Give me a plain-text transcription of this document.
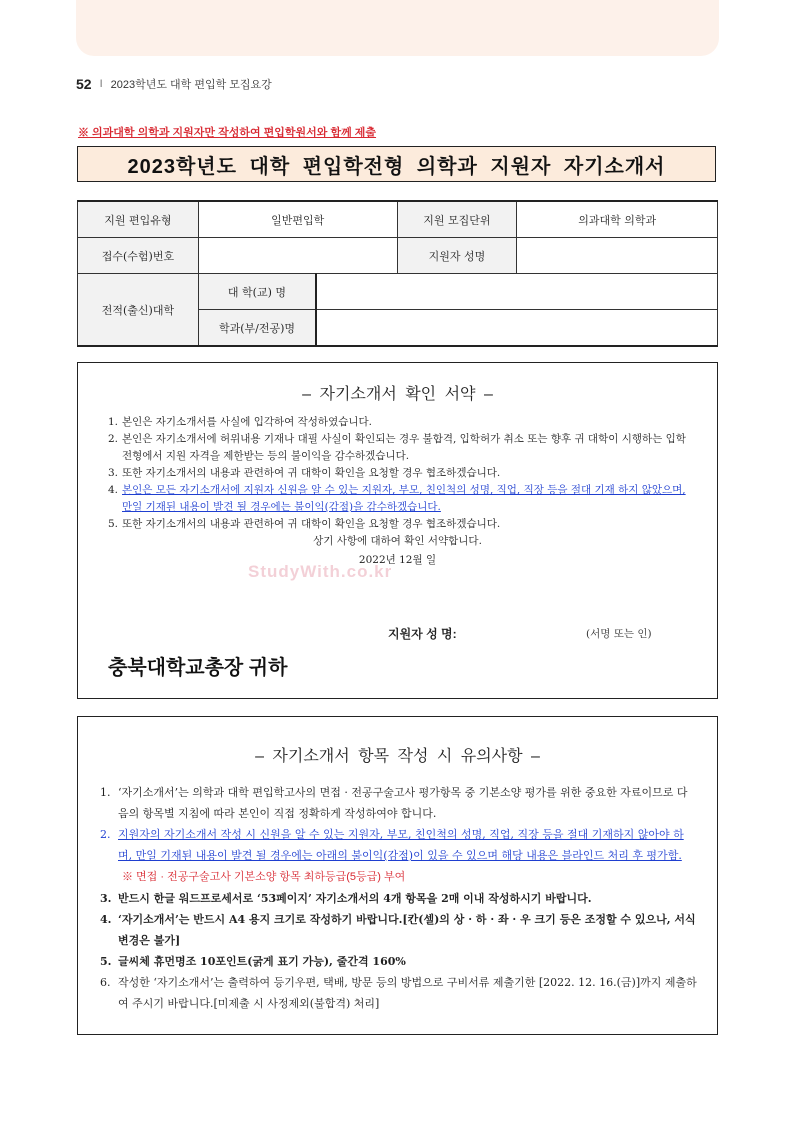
52 I 2023학년도 대학 편입학 모집요강
※ 의과대학 의학과 지원자만 작성하여 편입학원서와 함께 제출
2023학년도 대학 편입학전형 의학과 지원자 자기소개서
지원 편입유형	일반편입학		지원 모집단위	의과대학 의학과
접수(수험)번호			지원자 성명	
전적(출신)대학	대 학(교) 명			
	학과(부/전공)명			
– 자기소개서 확인 서약 –
1. 본인은 자기소개서를 사실에 입각하여 작성하였습니다.
2. 본인은 자기소개서에 허위내용 기재나 대필 사실이 확인되는 경우 불합격, 입학허가 취소 또는 향후 귀 대학이 시행하는 입학전형에서 지원 자격을 제한받는 등의 불이익을 감수하겠습니다.
3. 또한 자기소개서의 내용과 관련하여 귀 대학이 확인을 요청할 경우 협조하겠습니다.
4. 본인은 모든 자기소개서에 지원자 신원을 알 수 있는 지원자, 부모, 친인척의 성명, 직업, 직장 등을 절대 기재 하지 않았으며, 만일 기재된 내용이 발견 될 경우에는 불이익(감점)을 감수하겠습니다.
5. 또한 자기소개서의 내용과 관련하여 귀 대학이 확인을 요청할 경우 협조하겠습니다.
상기 사항에 대하여 확인 서약합니다.
2022년 12월 일
지원자 성 명:	(서명 또는 인)
충북대학교총장 귀하
StudyWith.co.kr
– 자기소개서 항목 작성 시 유의사항 –
1. ‘자기소개서’는 의학과 대학 편입학고사의 면접 · 전공구술고사 평가항목 중 기본소양 평가를 위한 중요한 자료이므로 다음의 항목별 지침에 따라 본인이 직접 정확하게 작성하여야 합니다.
2. 지원자의 자기소개서 작성 시 신원을 알 수 있는 지원자, 부모, 친인척의 성명, 직업, 직장 등을 절대 기재하지 않아야 하며, 만일 기재된 내용이 발견 될 경우에는 아래의 불이익(감점)이 있을 수 있으며 해당 내용은 블라인드 처리 후 평가함.
※ 면접 · 전공구술고사 기본소양 항목 최하등급(5등급) 부여
3. 반드시 한글 워드프로세서로 ‘53페이지’ 자기소개서의 4개 항목을 2매 이내 작성하시기 바랍니다.
4. ‘자기소개서’는 반드시 A4 용지 크기로 작성하기 바랍니다.[칸(셀)의 상 · 하 · 좌 · 우 크기 등은 조정할 수 있으나, 서식 변경은 불가]
5. 글씨체 휴먼명조 10포인트(굵게 표기 가능), 줄간격 160%
6. 작성한 ‘자기소개서’는 출력하여 등기우편, 택배, 방문 등의 방법으로 구비서류 제출기한 [2022. 12. 16.(금)]까지 제출하여 주시기 바랍니다.[미제출 시 사정제외(불합격) 처리]
